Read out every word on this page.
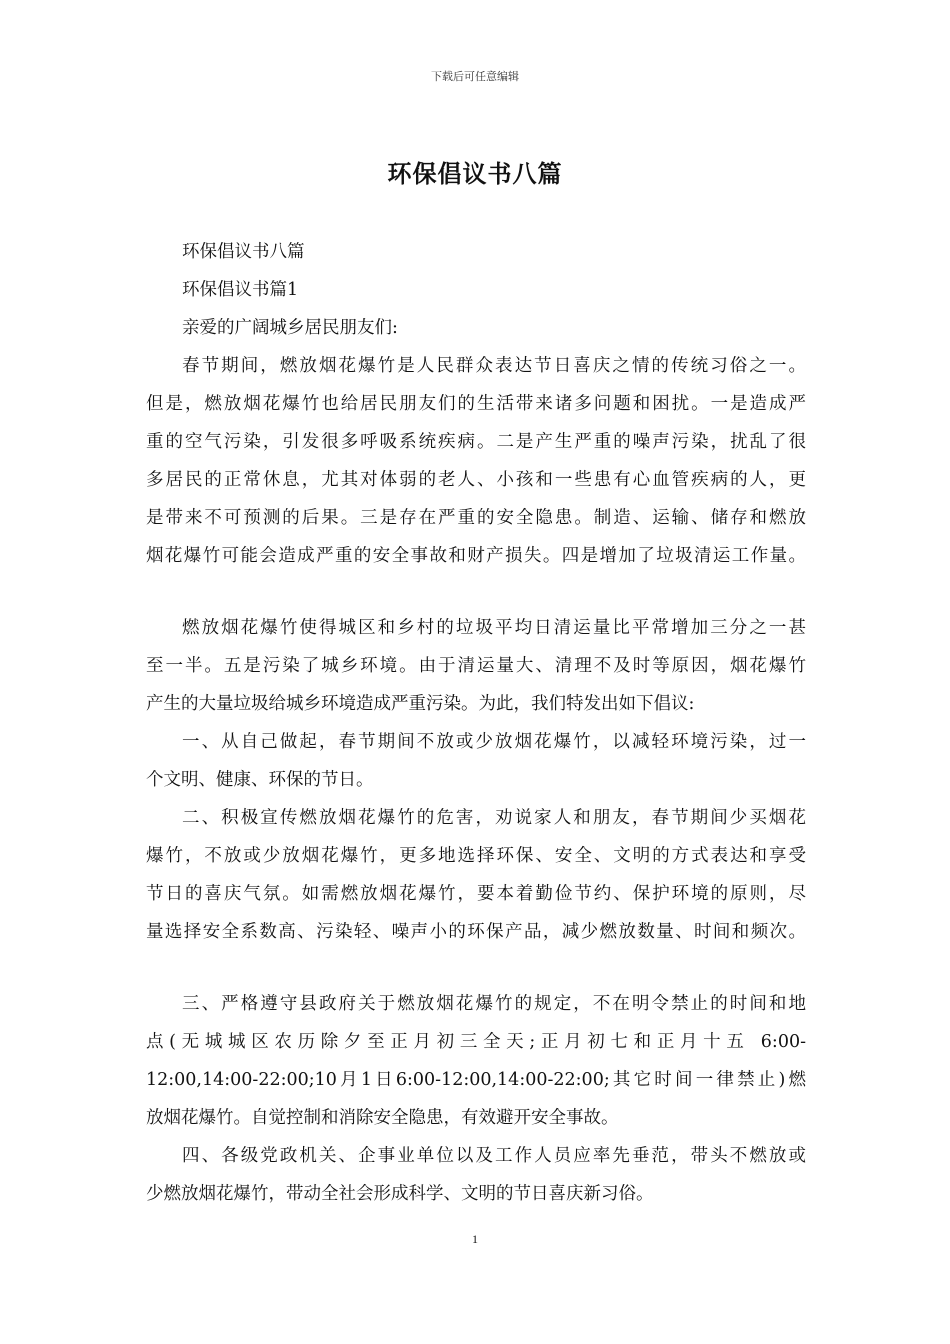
下载后可任意编辑
环保倡议书八篇
环保倡议书八篇
环保倡议书篇1
亲爱的广阔城乡居民朋友们:
春节期间，燃放烟花爆竹是人民群众表达节日喜庆之情的传统习俗之一。
但是，燃放烟花爆竹也给居民朋友们的生活带来诸多问题和困扰。一是造成严
重的空气污染，引发很多呼吸系统疾病。二是产生严重的噪声污染，扰乱了很
多居民的正常休息，尤其对体弱的老人、小孩和一些患有心血管疾病的人，更
是带来不可预测的后果。三是存在严重的安全隐患。制造、运输、储存和燃放
烟花爆竹可能会造成严重的安全事故和财产损失。四是增加了垃圾清运工作量。
燃放烟花爆竹使得城区和乡村的垃圾平均日清运量比平常增加三分之一甚
至一半。五是污染了城乡环境。由于清运量大、清理不及时等原因，烟花爆竹
产生的大量垃圾给城乡环境造成严重污染。为此，我们特发出如下倡议:
一、从自己做起，春节期间不放或少放烟花爆竹，以减轻环境污染，过一
个文明、健康、环保的节日。
二、积极宣传燃放烟花爆竹的危害，劝说家人和朋友，春节期间少买烟花
爆竹，不放或少放烟花爆竹，更多地选择环保、安全、文明的方式表达和享受
节日的喜庆气氛。如需燃放烟花爆竹，要本着勤俭节约、保护环境的原则，尽
量选择安全系数高、污染轻、噪声小的环保产品，减少燃放数量、时间和频次。
三、严格遵守县政府关于燃放烟花爆竹的规定，不在明令禁止的时间和地
点(无城城区农历除夕至正月初三全天;正月初七和正月十五 6:00-
12:00,14:00-22:00;10月1日6:00-12:00,14:00-22:00;其它时间一律禁止)燃
放烟花爆竹。自觉控制和消除安全隐患，有效避开安全事故。
四、各级党政机关、企事业单位以及工作人员应率先垂范，带头不燃放或
少燃放烟花爆竹，带动全社会形成科学、文明的节日喜庆新习俗。
1
